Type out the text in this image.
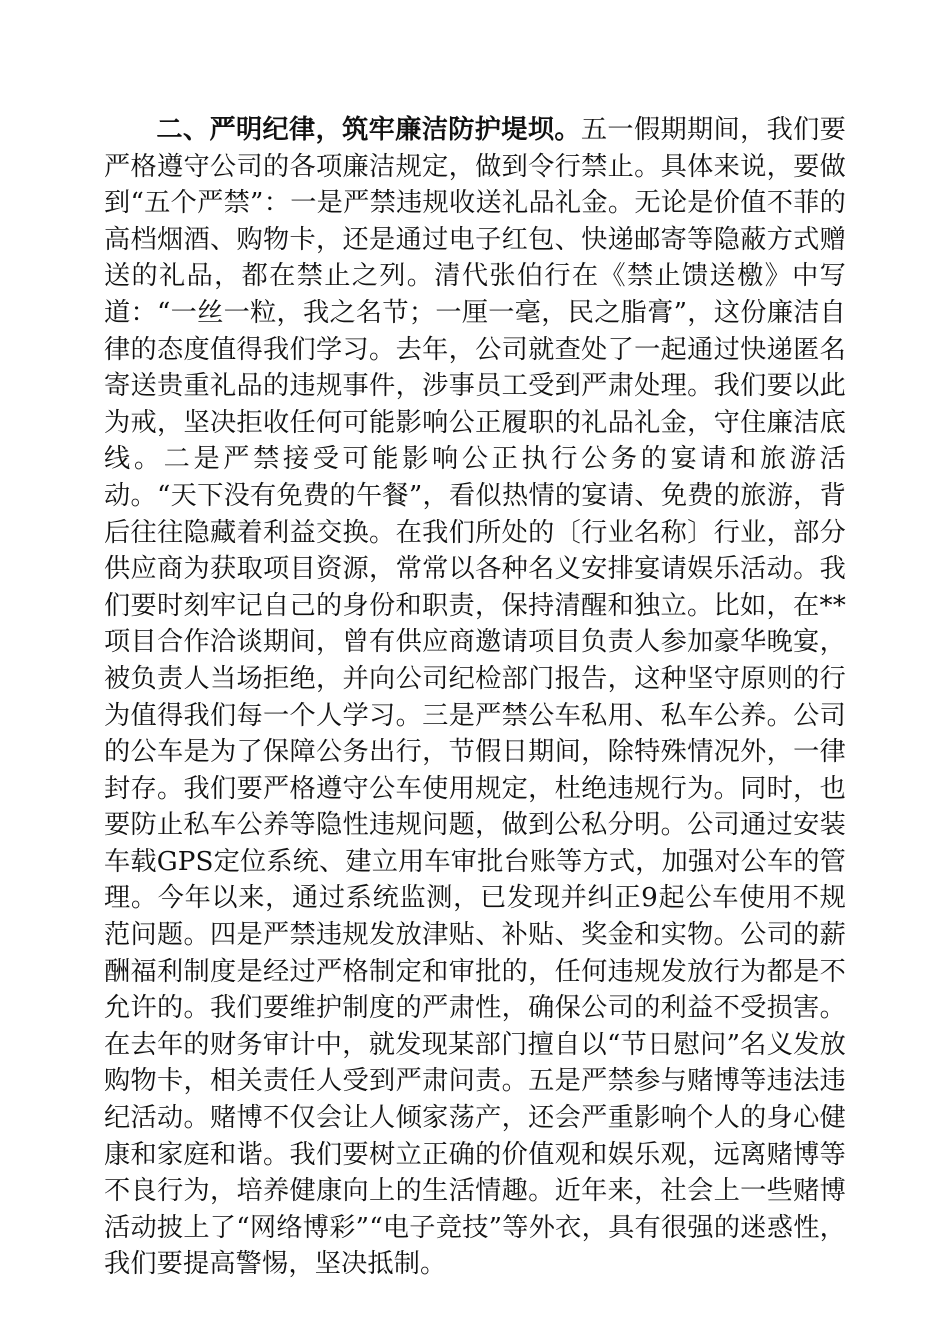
二、严明纪律，筑牢廉洁防护堤坝。五一假期期间，我们要严格遵守公司的各项廉洁规定，做到令行禁止。具体来说，要做到“五个严禁”：一是严禁违规收送礼品礼金。无论是价值不菲的高档烟酒、购物卡，还是通过电子红包、快递邮寄等隐蔽方式赠送的礼品，都在禁止之列。清代张伯行在《禁止馈送檄》中写道：“一丝一粒，我之名节；一厘一毫，民之脂膏”，这份廉洁自律的态度值得我们学习。去年，公司就查处了一起通过快递匿名寄送贵重礼品的违规事件，涉事员工受到严肃处理。我们要以此为戒，坚决拒收任何可能影响公正履职的礼品礼金，守住廉洁底线。二是严禁接受可能影响公正执行公务的宴请和旅游活动。“天下没有免费的午餐”，看似热情的宴请、免费的旅游，背后往往隐藏着利益交换。在我们所处的〔行业名称〕行业，部分供应商为获取项目资源，常常以各种名义安排宴请娱乐活动。我们要时刻牢记自己的身份和职责，保持清醒和独立。比如，在**项目合作洽谈期间，曾有供应商邀请项目负责人参加豪华晚宴，被负责人当场拒绝，并向公司纪检部门报告，这种坚守原则的行为值得我们每一个人学习。三是严禁公车私用、私车公养。公司的公车是为了保障公务出行，节假日期间，除特殊情况外，一律封存。我们要严格遵守公车使用规定，杜绝违规行为。同时，也要防止私车公养等隐性违规问题，做到公私分明。公司通过安装车载GPS定位系统、建立用车审批台账等方式，加强对公车的管理。今年以来，通过系统监测，已发现并纠正9起公车使用不规范问题。四是严禁违规发放津贴、补贴、奖金和实物。公司的薪酬福利制度是经过严格制定和审批的，任何违规发放行为都是不允许的。我们要维护制度的严肃性，确保公司的利益不受损害。在去年的财务审计中，就发现某部门擅自以“节日慰问”名义发放购物卡，相关责任人受到严肃问责。五是严禁参与赌博等违法违纪活动。赌博不仅会让人倾家荡产，还会严重影响个人的身心健康和家庭和谐。我们要树立正确的价值观和娱乐观，远离赌博等不良行为，培养健康向上的生活情趣。近年来，社会上一些赌博活动披上了“网络博彩”“电子竞技”等外衣，具有很强的迷惑性，我们要提高警惕，坚决抵制。
